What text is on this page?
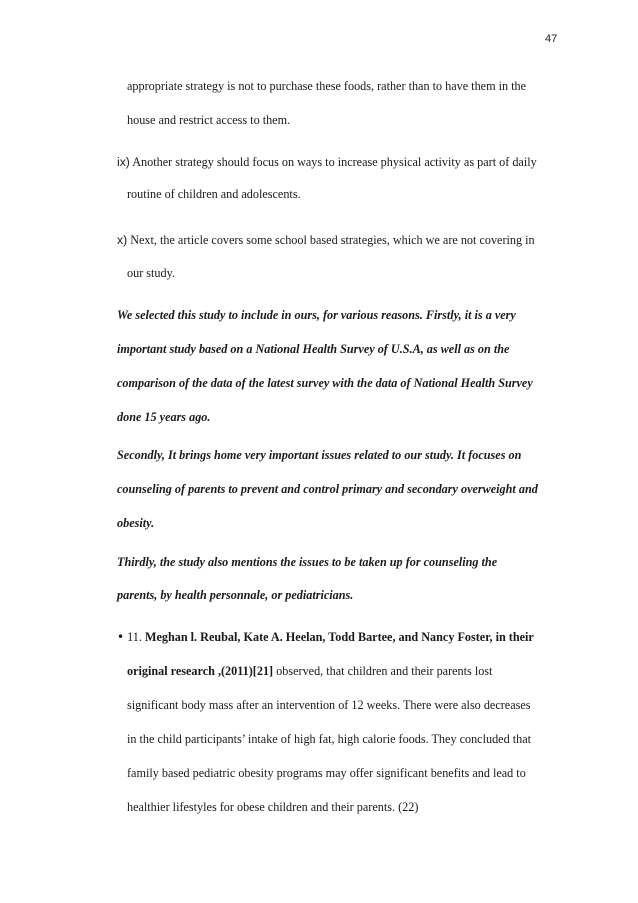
47
appropriate strategy is not to purchase these foods, rather than to have them in the
house and restrict access to them.
ix) Another strategy should focus on ways to increase physical activity as part of daily
routine of children and adolescents.
x) Next, the article covers some school based strategies, which we are not covering in
our study.
We selected this study to include in ours, for various reasons. Firstly, it is a very
important study based on a National Health Survey of U.S.A, as well as on the
comparison of the data of the latest survey with the data of National Health Survey
done 15 years ago.
Secondly, It brings home very important issues related to our study. It focuses on
counseling of parents to prevent and control primary and secondary overweight and
obesity.
Thirdly, the study also mentions the issues to be taken up for counseling the
parents, by health personnale, or pediatricians.
• 11. Meghan l. Reubal, Kate A. Heelan, Todd Bartee, and Nancy Foster, in their
original research ,(2011)[21] observed, that children and their parents lost
significant body mass after an intervention of 12 weeks. There were also decreases
in the child participants’ intake of high fat, high calorie foods. They concluded that
family based pediatric obesity programs may offer significant benefits and lead to
healthier lifestyles for obese children and their parents. (22)
